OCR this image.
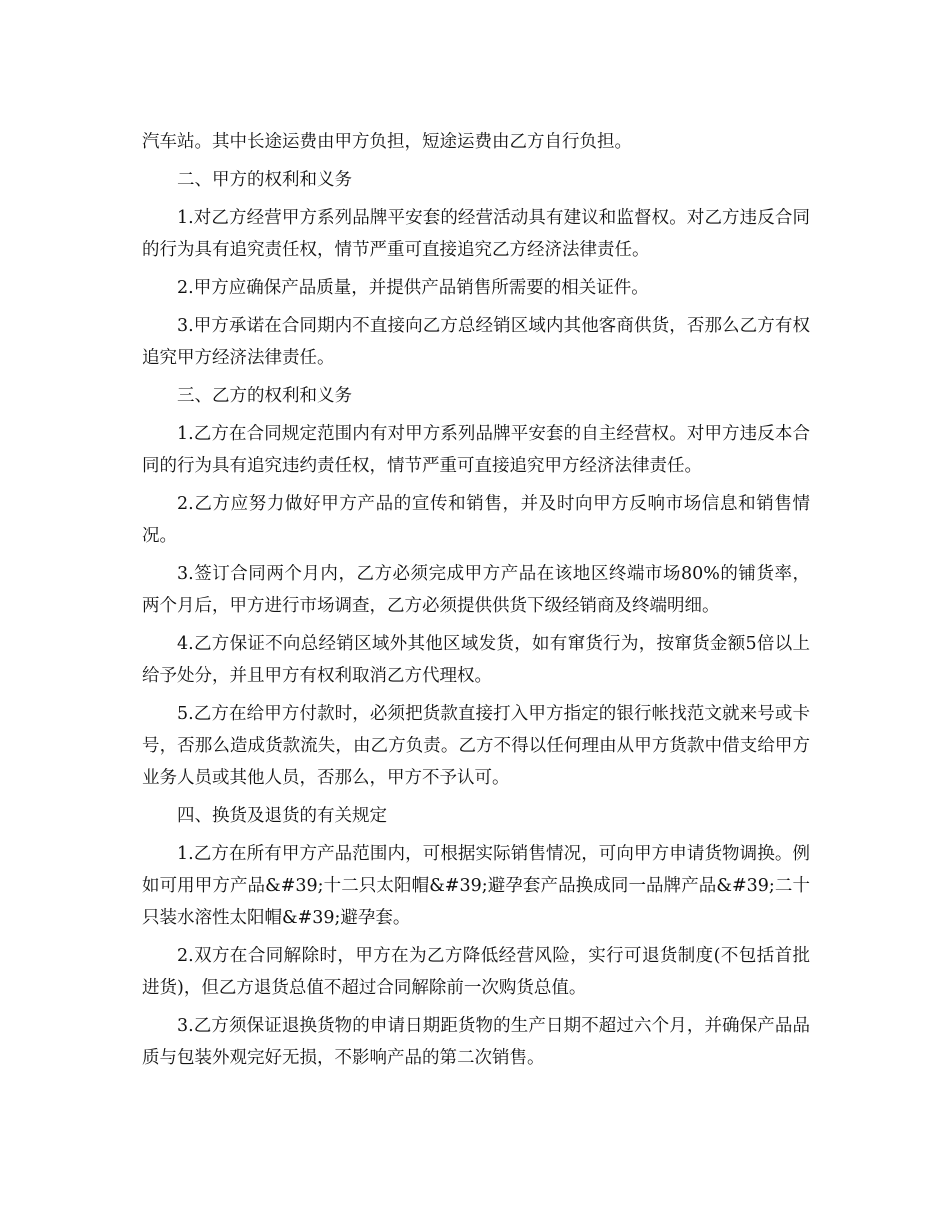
汽车站。其中长途运费由甲方负担，短途运费由乙方自行负担。

二、甲方的权利和义务

1.对乙方经营甲方系列品牌平安套的经营活动具有建议和监督权。对乙方违反合同的行为具有追究责任权，情节严重可直接追究乙方经济法律责任。

2.甲方应确保产品质量，并提供产品销售所需要的相关证件。

3.甲方承诺在合同期内不直接向乙方总经销区域内其他客商供货，否那么乙方有权追究甲方经济法律责任。

三、乙方的权利和义务

1.乙方在合同规定范围内有对甲方系列品牌平安套的自主经营权。对甲方违反本合同的行为具有追究违约责任权，情节严重可直接追究甲方经济法律责任。

2.乙方应努力做好甲方产品的宣传和销售，并及时向甲方反响市场信息和销售情况。

3.签订合同两个月内，乙方必须完成甲方产品在该地区终端市场80%的铺货率，两个月后，甲方进行市场调查，乙方必须提供供货下级经销商及终端明细。

4.乙方保证不向总经销区域外其他区域发货，如有窜货行为，按窜货金额5倍以上给予处分，并且甲方有权利取消乙方代理权。

5.乙方在给甲方付款时，必须把货款直接打入甲方指定的银行帐找范文就来号或卡号，否那么造成货款流失，由乙方负责。乙方不得以任何理由从甲方货款中借支给甲方业务人员或其他人员，否那么，甲方不予认可。

四、换货及退货的有关规定

1.乙方在所有甲方产品范围内，可根据实际销售情况，可向甲方申请货物调换。例如可用甲方产品&#39;十二只太阳帽&#39;避孕套产品换成同一品牌产品&#39;二十只装水溶性太阳帽&#39;避孕套。

2.双方在合同解除时，甲方在为乙方降低经营风险，实行可退货制度(不包括首批进货)，但乙方退货总值不超过合同解除前一次购货总值。

3.乙方须保证退换货物的申请日期距货物的生产日期不超过六个月，并确保产品品质与包装外观完好无损，不影响产品的第二次销售。
